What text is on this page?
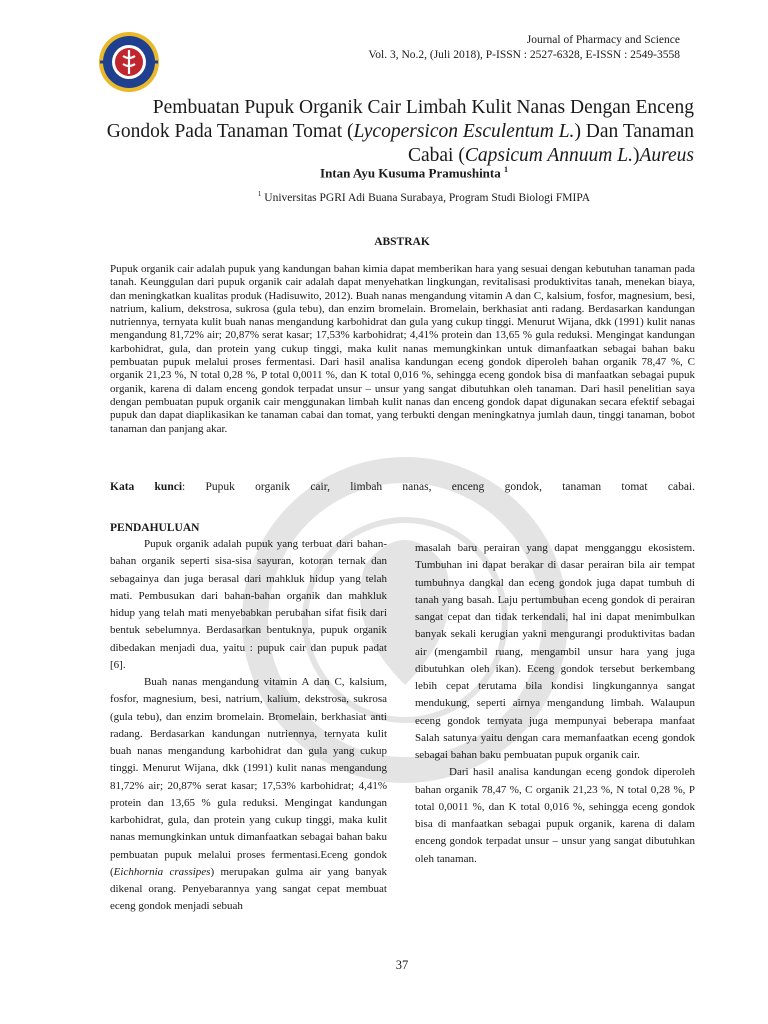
Journal of Pharmacy and Science
Vol. 3, No.2, (Juli 2018), P-ISSN : 2527-6328, E-ISSN : 2549-3558
Pembuatan Pupuk Organik Cair Limbah Kulit Nanas Dengan Enceng Gondok Pada Tanaman Tomat (Lycopersicon Esculentum L.) Dan Tanaman Cabai (Capsicum Annuum L.)Aureus
Intan Ayu Kusuma Pramushinta $^1$
$^1$ Universitas PGRI Adi Buana Surabaya, Program Studi Biologi FMIPA
ABSTRAK
Pupuk organik cair adalah pupuk yang kandungan bahan kimia dapat memberikan hara yang sesuai dengan kebutuhan tanaman pada tanah. Keunggulan dari pupuk organik cair adalah dapat menyehatkan lingkungan, revitalisasi produktivitas tanah, menekan biaya, dan meningkatkan kualitas produk (Hadisuwito, 2012). Buah nanas mengandung vitamin A dan C, kalsium, fosfor, magnesium, besi, natrium, kalium, dekstrosa, sukrosa (gula tebu), dan enzim bromelain. Bromelain, berkhasiat anti radang. Berdasarkan kandungan nutriennya, ternyata kulit buah nanas mengandung karbohidrat dan gula yang cukup tinggi. Menurut Wijana, dkk (1991) kulit nanas mengandung 81,72% air; 20,87% serat kasar; 17,53% karbohidrat; 4,41% protein dan 13,65 % gula reduksi. Mengingat kandungan karbohidrat, gula, dan protein yang cukup tinggi, maka kulit nanas memungkinkan untuk dimanfaatkan sebagai bahan baku pembuatan pupuk melalui proses fermentasi. Dari hasil analisa kandungan eceng gondok diperoleh bahan organik 78,47 %, C organik 21,23 %, N total 0,28 %, P total 0,0011 %, dan K total 0,016 %, sehingga eceng gondok bisa di manfaatkan sebagai pupuk organik, karena di dalam enceng gondok terpadat unsur – unsur yang sangat dibutuhkan oleh tanaman. Dari hasil penelitian saya dengan pembuatan pupuk organik cair menggunakan limbah kulit nanas dan enceng gondok dapat digunakan secara efektif sebagai pupuk dan dapat diaplikasikan ke tanaman cabai dan tomat, yang terbukti dengan meningkatnya jumlah daun, tinggi tanaman, bobot tanaman dan panjang akar.
Kata kunci: Pupuk organik cair, limbah nanas, enceng gondok, tanaman tomat cabai.
PENDAHULUAN

Pupuk organik adalah pupuk yang terbuat dari bahan-bahan organik seperti sisa-sisa sayuran, kotoran ternak dan sebagainya dan juga berasal dari mahkluk hidup yang telah mati. Pembusukan dari bahan-bahan organik dan mahkluk hidup yang telah mati menyebabkan perubahan sifat fisik dari bentuk sebelumnya. Berdasarkan bentuknya, pupuk organik dibedakan menjadi dua, yaitu : pupuk cair dan pupuk padat [6].

Buah nanas mengandung vitamin A dan C, kalsium, fosfor, magnesium, besi, natrium, kalium, dekstrosa, sukrosa (gula tebu), dan enzim bromelain. Bromelain, berkhasiat anti radang. Berdasarkan kandungan nutriennya, ternyata kulit buah nanas mengandung karbohidrat dan gula yang cukup tinggi. Menurut Wijana, dkk (1991) kulit nanas mengandung 81,72% air; 20,87% serat kasar; 17,53% karbohidrat; 4,41% protein dan 13,65 % gula reduksi. Mengingat kandungan karbohidrat, gula, dan protein yang cukup tinggi, maka kulit nanas memungkinkan untuk dimanfaatkan sebagai bahan baku pembuatan pupuk melalui proses fermentasi.Eceng gondok (Eichhornia crassipes) merupakan gulma air yang banyak dikenal orang. Penyebarannya yang sangat cepat membuat eceng gondok menjadi sebuah

masalah baru perairan yang dapat mengganggu ekosistem. Tumbuhan ini dapat berakar di dasar perairan bila air tempat tumbuhnya dangkal dan eceng gondok juga dapat tumbuh di tanah yang basah. Laju pertumbuhan eceng gondok di perairan sangat cepat dan tidak terkendali, hal ini dapat menimbulkan banyak sekali kerugian yakni mengurangi produktivitas badan air (mengambil ruang, mengambil unsur hara yang juga dibutuhkan oleh ikan). Eceng gondok tersebut berkembang lebih cepat terutama bila kondisi lingkungannya sangat mendukung, seperti airnya mengandung limbah. Walaupun eceng gondok ternyata juga mempunyai beberapa manfaat Salah satunya yaitu dengan cara memanfaatkan eceng gondok sebagai bahan baku pembuatan pupuk organik cair.

Dari hasil analisa kandungan eceng gondok diperoleh bahan organik 78,47 %, C organik 21,23 %, N total 0,28 %, P total 0,0011 %, dan K total 0,016 %, sehingga eceng gondok bisa di manfaatkan sebagai pupuk organik, karena di dalam enceng gondok terpadat unsur – unsur yang sangat dibutuhkan oleh tanaman.

37
